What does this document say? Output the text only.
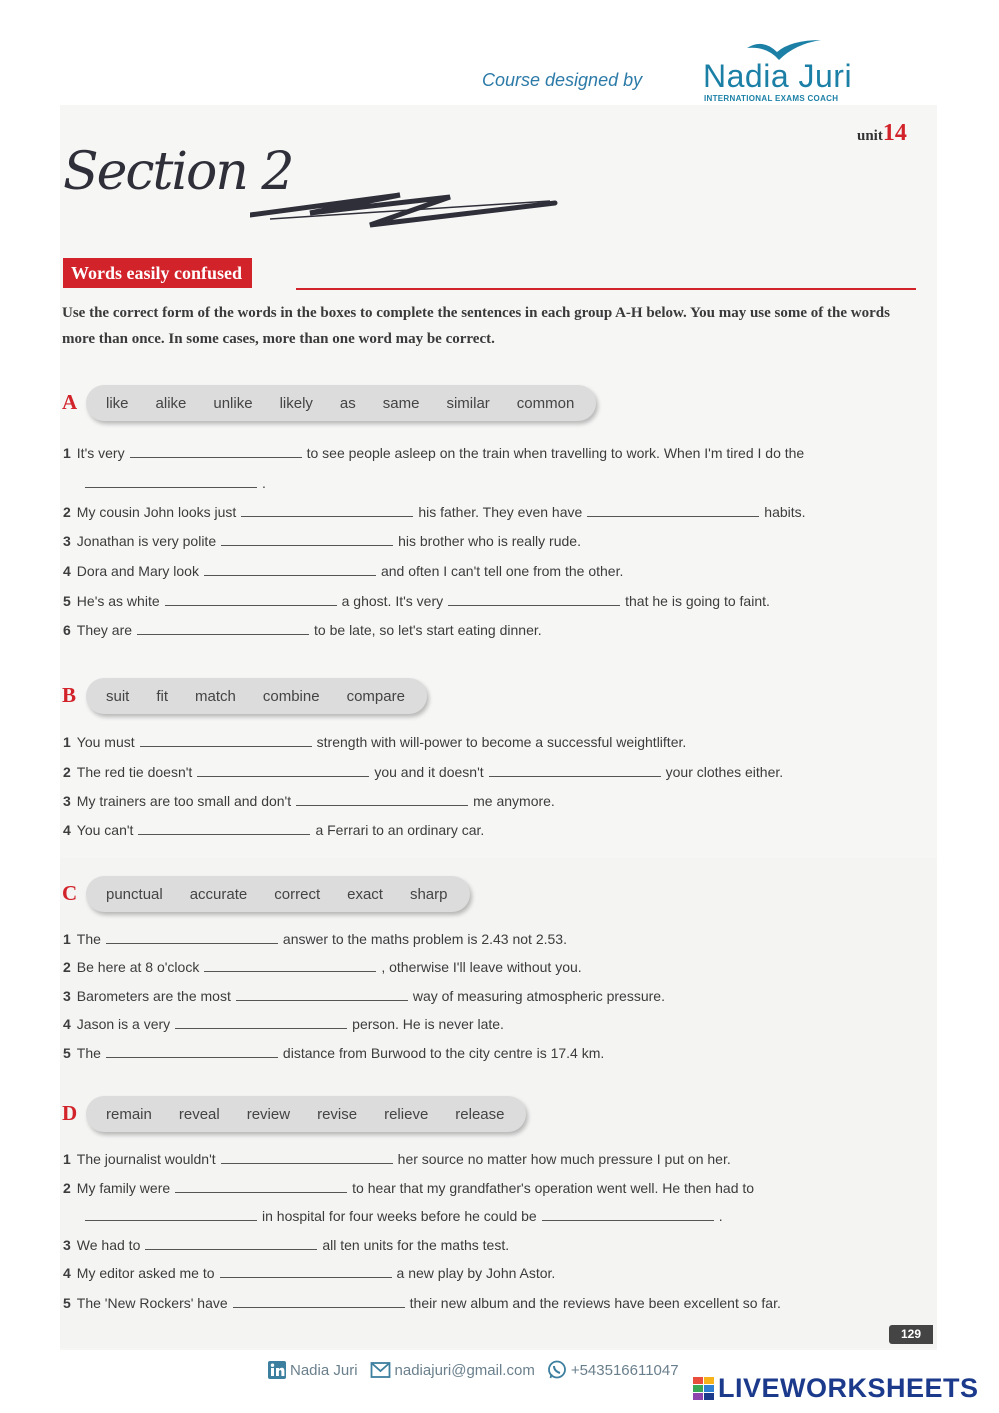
Course designed by Nadia Juri
INTERNATIONAL EXAMS COACH
unit14
Section 2
Words easily confused
Use the correct form of the words in the boxes to complete the sentences in each group A-H below. You may use some of the words more than once. In some cases, more than one word may be correct.
A like alike unlike likely as same similar common
1 It's very	to see people asleep on the train when travelling to work. When I'm tired I do the
.
2 My cousin John looks just	his father. They even have	habits.
3 Jonathan is very polite	his brother who is really rude.
4 Dora and Mary look	and often I can't tell one from the other.
5 He's as white	a ghost. It's very	that he is going to faint.
6 They are	to be late, so let's start eating dinner.
B suit fit match combine compare
1 You must	strength with will-power to become a successful weightlifter.
2 The red tie doesn't	you and it doesn't	your clothes either.
3 My trainers are too small and don't	me anymore.
4 You can't	a Ferrari to an ordinary car.
C punctual accurate correct exact sharp
1 The	answer to the maths problem is 2.43 not 2.53.
2 Be here at 8 o'clock	, otherwise I'll leave without you.
3 Barometers are the most	way of measuring atmospheric pressure.
4 Jason is a very	person. He is never late.
5 The	distance from Burwood to the city centre is 17.4 km.
D remain reveal review revise relieve release
1 The journalist wouldn't	her source no matter how much pressure I put on her.
2 My family were	to hear that my grandfather's operation went well. He then had to
in hospital for four weeks before he could be	.
3 We had to	all ten units for the maths test.
4 My editor asked me to	a new play by John Astor.
5 The 'New Rockers' have	their new album and the reviews have been excellent so far.
129
Nadia Juri nadiajuri@gmail.com +543516611047
LIVEWORKSHEETS
